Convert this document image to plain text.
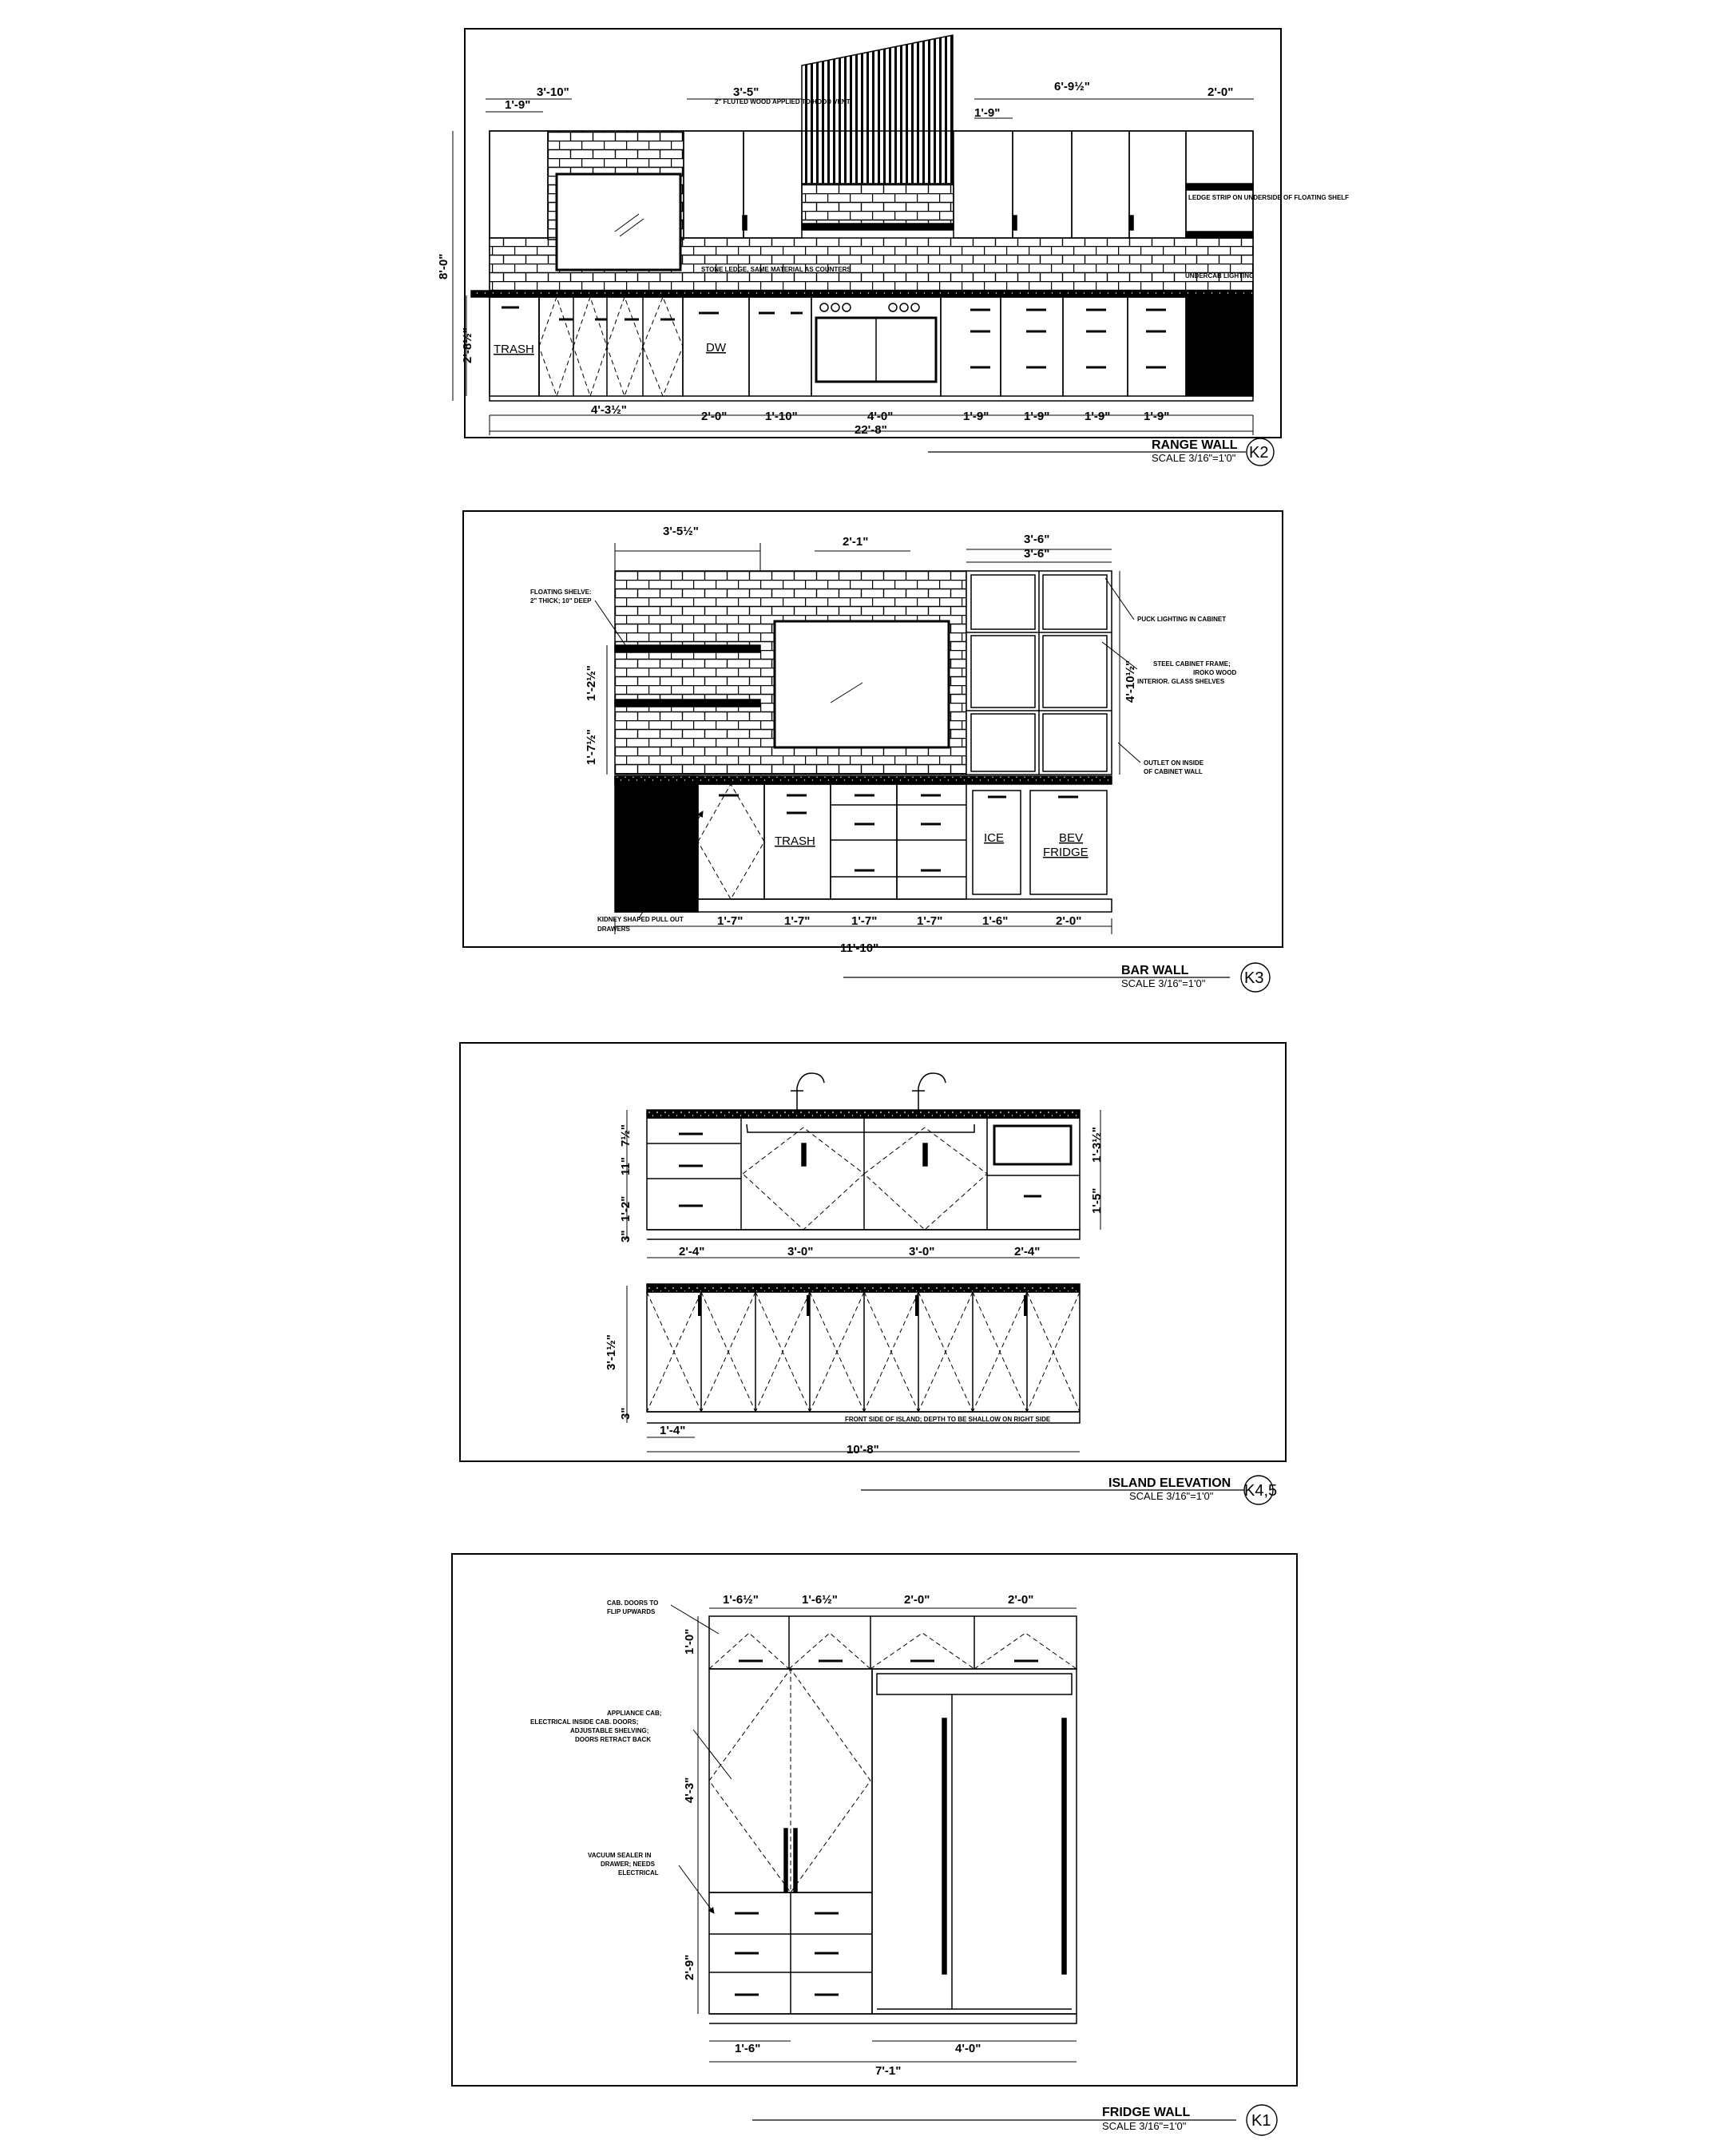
3'-10"
1'-9"
3'-5"	6'-9½"
1'-9"
2'-0"
8'-0"
2'-8½"
4'-3½"	2'-0"	1'-10"	4'-0"	1'-9"	1'-9"	1'-9"	1'-9"
22'-8"
TRASH	DW
2" FLUTED WOOD APPLIED TO HOOD VENT
STONE LEDGE, SAME MATERIAL AS COUNTERS
UNDERCAB LIGHTING
LEDGE STRIP ON UNDERSIDE OF FLOATING SHELF
RANGE WALL
SCALE 3/16"=1'0" K2
TRASH	ICE	BEV
FRIDGE
3'-5½"
2'-1"	3'-6"
3'-6"
1'-2½"
1'-7½"
4'-10½"
1'-7"	1'-7"	1'-7"	1'-7"	1'-6"	2'-0"
11'-10"
FLOATING SHELVE:
2" THICK; 10" DEEP
PUCK LIGHTING IN CABINET
STEEL CABINET FRAME;
IROKO WOOD
INTERIOR. GLASS SHELVES
OUTLET ON INSIDE
OF CABINET WALL
KIDNEY SHAPED PULL OUT
DRAWERS
BAR WALL
SCALE 3/16"=1'0" K3
7½"
11"
1'-2"
3"
1'-3½"
1'-5"
2'-4"	3'-0"	3'-0"	2'-4"
3'-1½"
3"
1'-4"
10'-8"
FRONT SIDE OF ISLAND; DEPTH TO BE SHALLOW ON RIGHT SIDE
ISLAND ELEVATION
SCALE 3/16"=1'0" K4,5
1'-6½"	1'-6½"	2'-0"	2'-0"
1'-0"
4'-3"
2'-9"
1'-6"	4'-0"
7'-1"
CAB. DOORS TO
FLIP UPWARDS
APPLIANCE CAB;
ELECTRICAL INSIDE CAB. DOORS;
ADJUSTABLE SHELVING;
DOORS RETRACT BACK
VACUUM SEALER IN
DRAWER; NEEDS
ELECTRICAL
FRIDGE WALL
SCALE 3/16"=1'0"	K1
